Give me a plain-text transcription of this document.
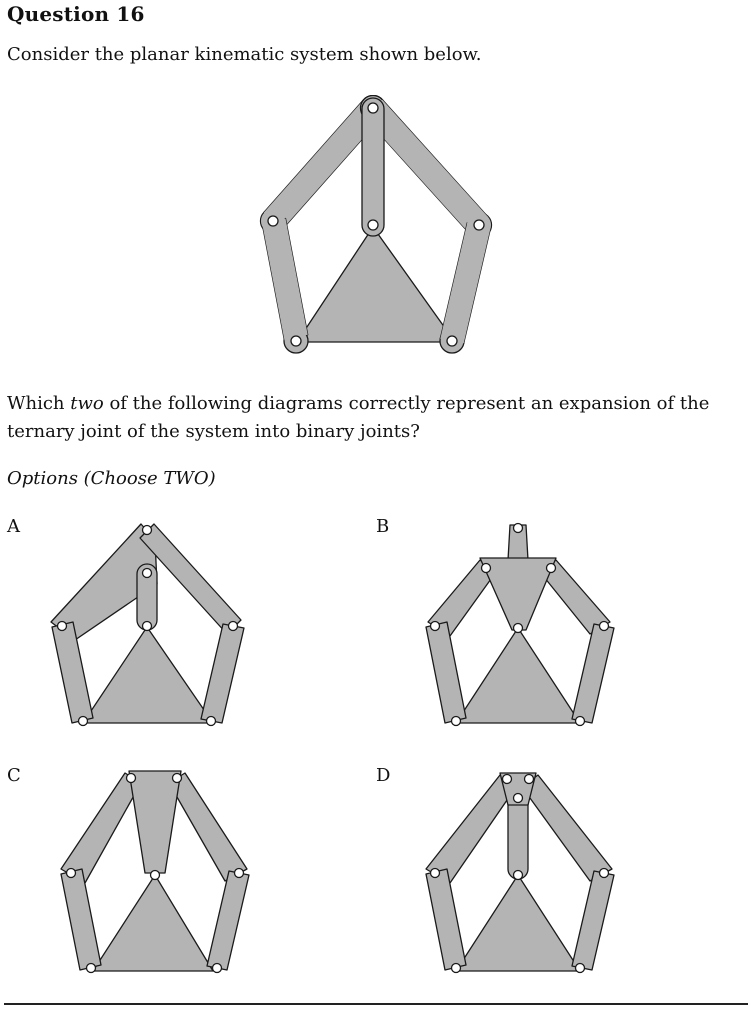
Question 16

Consider the planar kinematic system shown below.

Which two of the following diagrams correctly represent an expansion of the ternary joint of the system into binary joints?

Options (Choose TWO)

A	B

C	D
